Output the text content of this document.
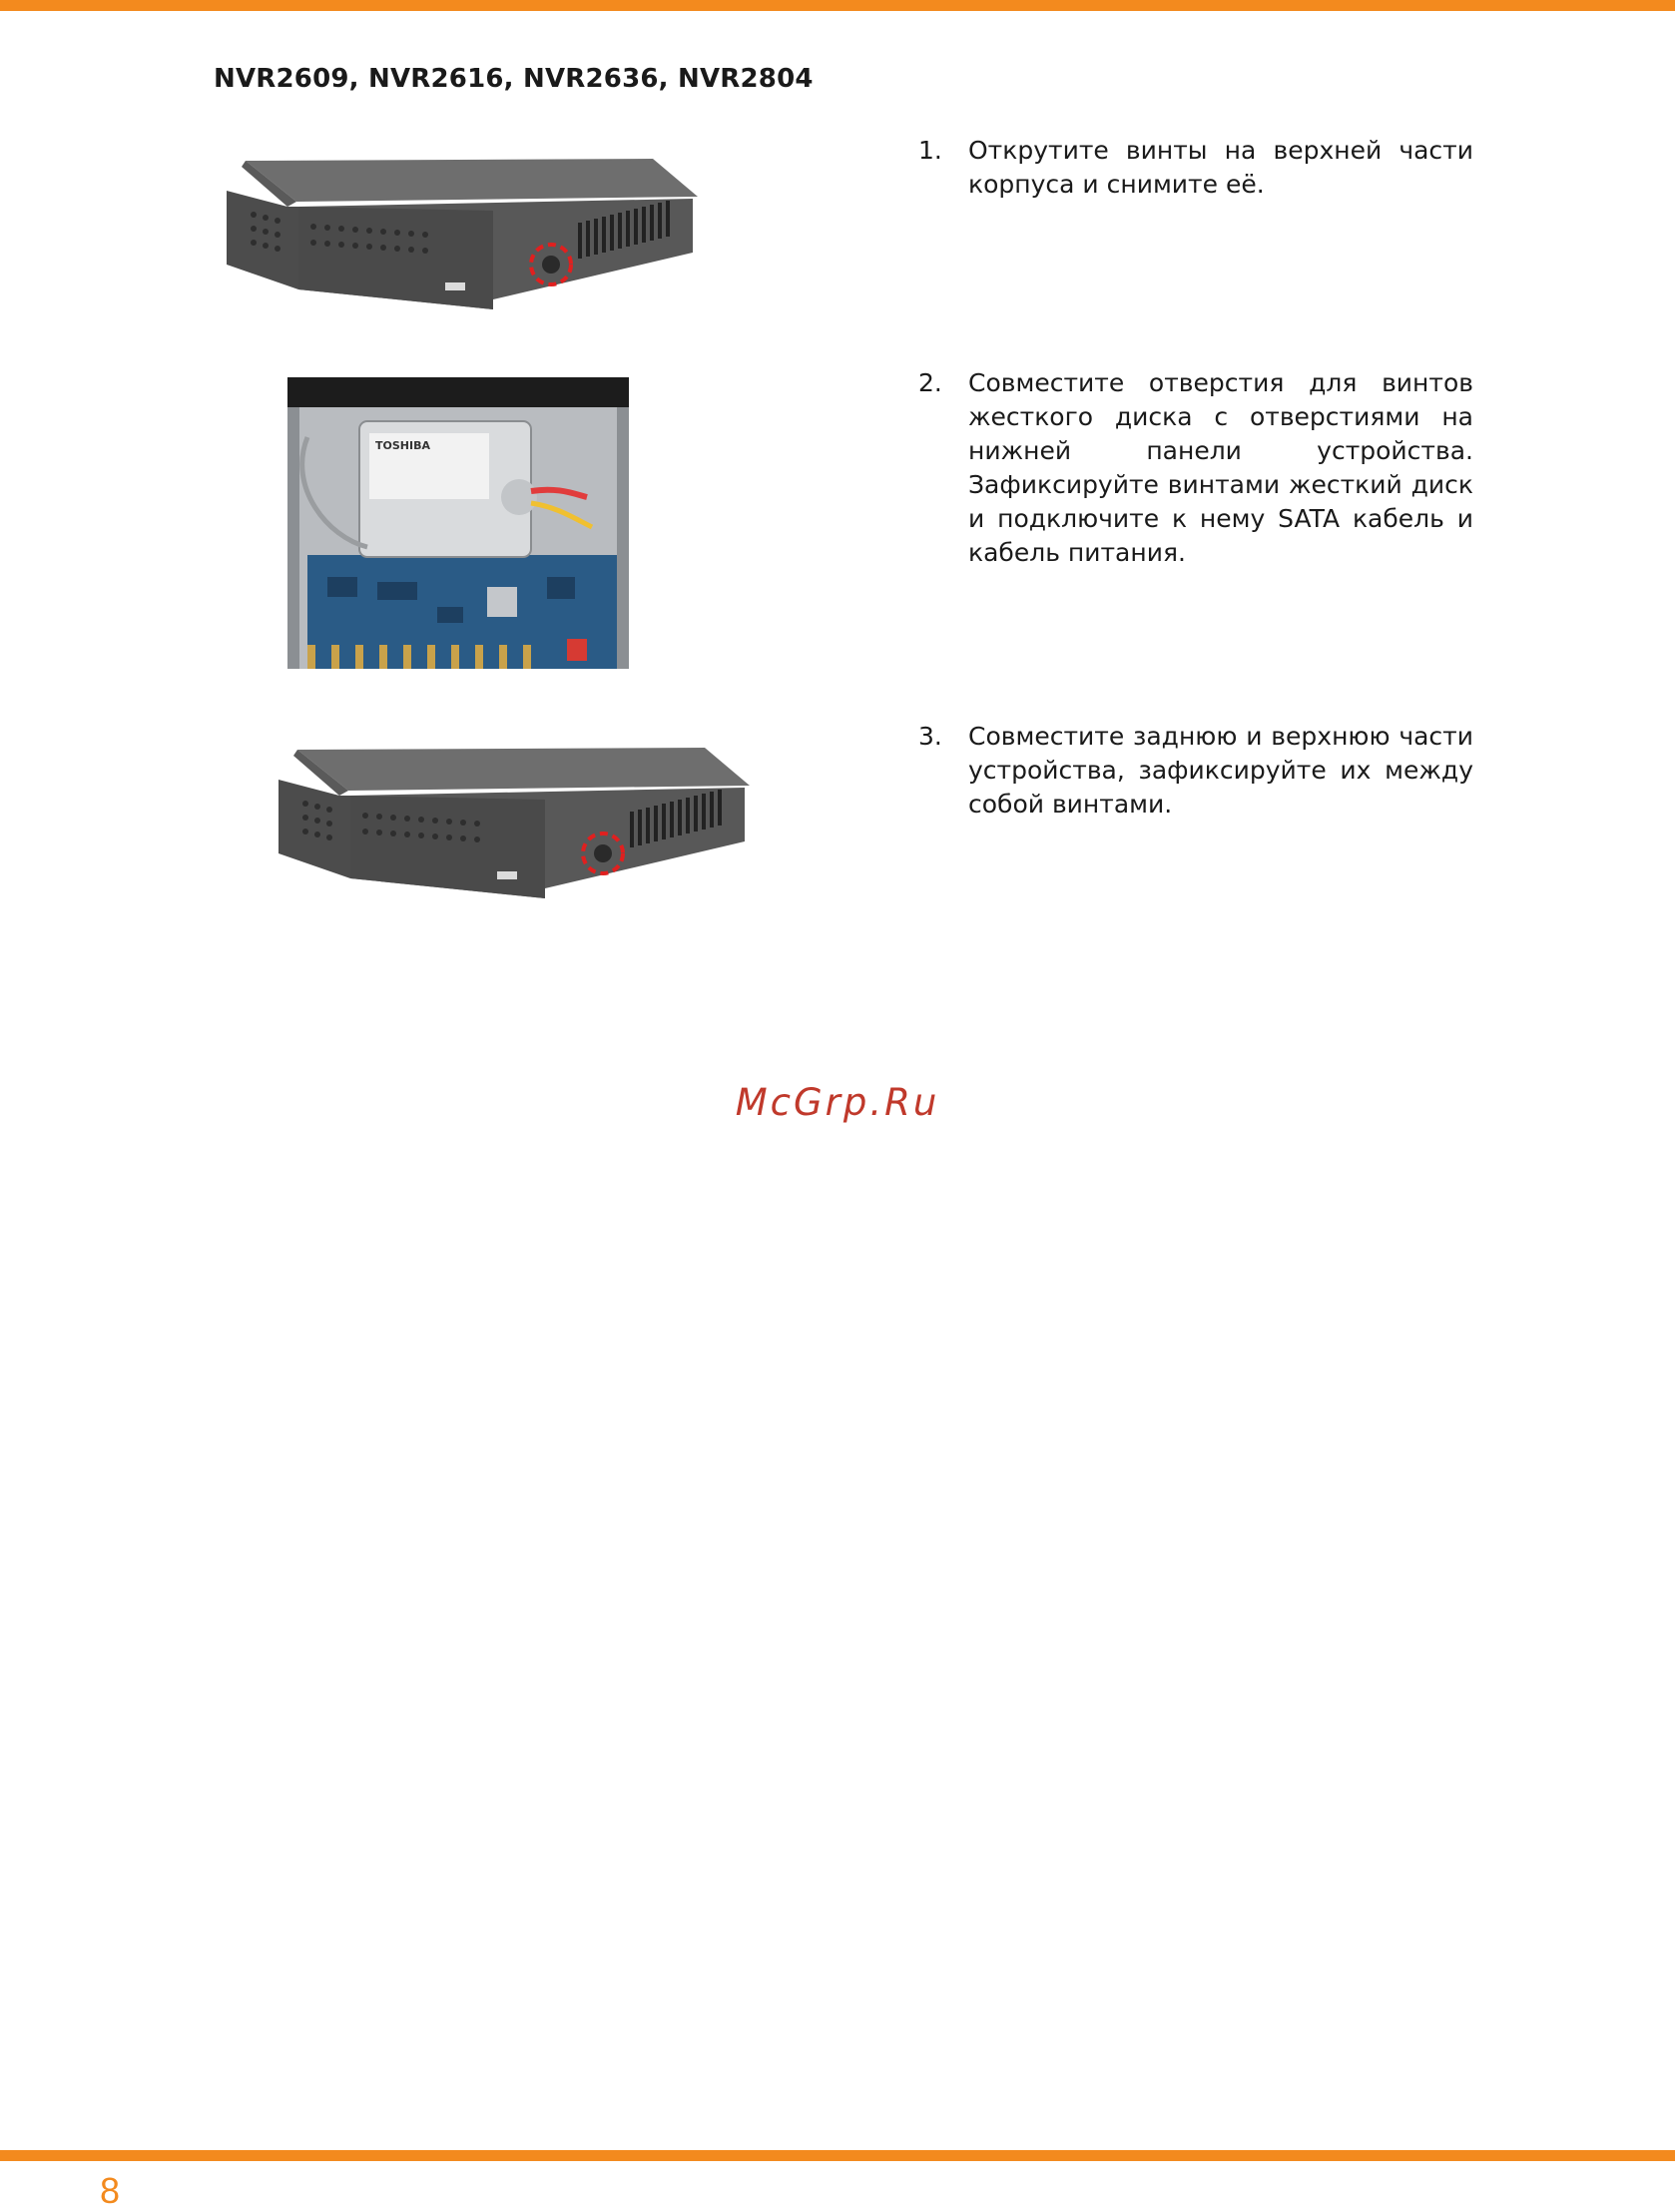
NVR2609, NVR2616, NVR2636, NVR2804
TOSHIBA
1. Открутите винты на верхней части корпуса и снимите её.
2. Совместите отверстия для винтов жесткого диска с отверстиями на нижней панели устройства. Зафиксируйте винтами жесткий диск и подключите к нему SATA кабель и кабель питания.
3. Совместите заднюю и верхнюю части устройства, зафиксируйте их между собой винтами.
McGrp.Ru
8
